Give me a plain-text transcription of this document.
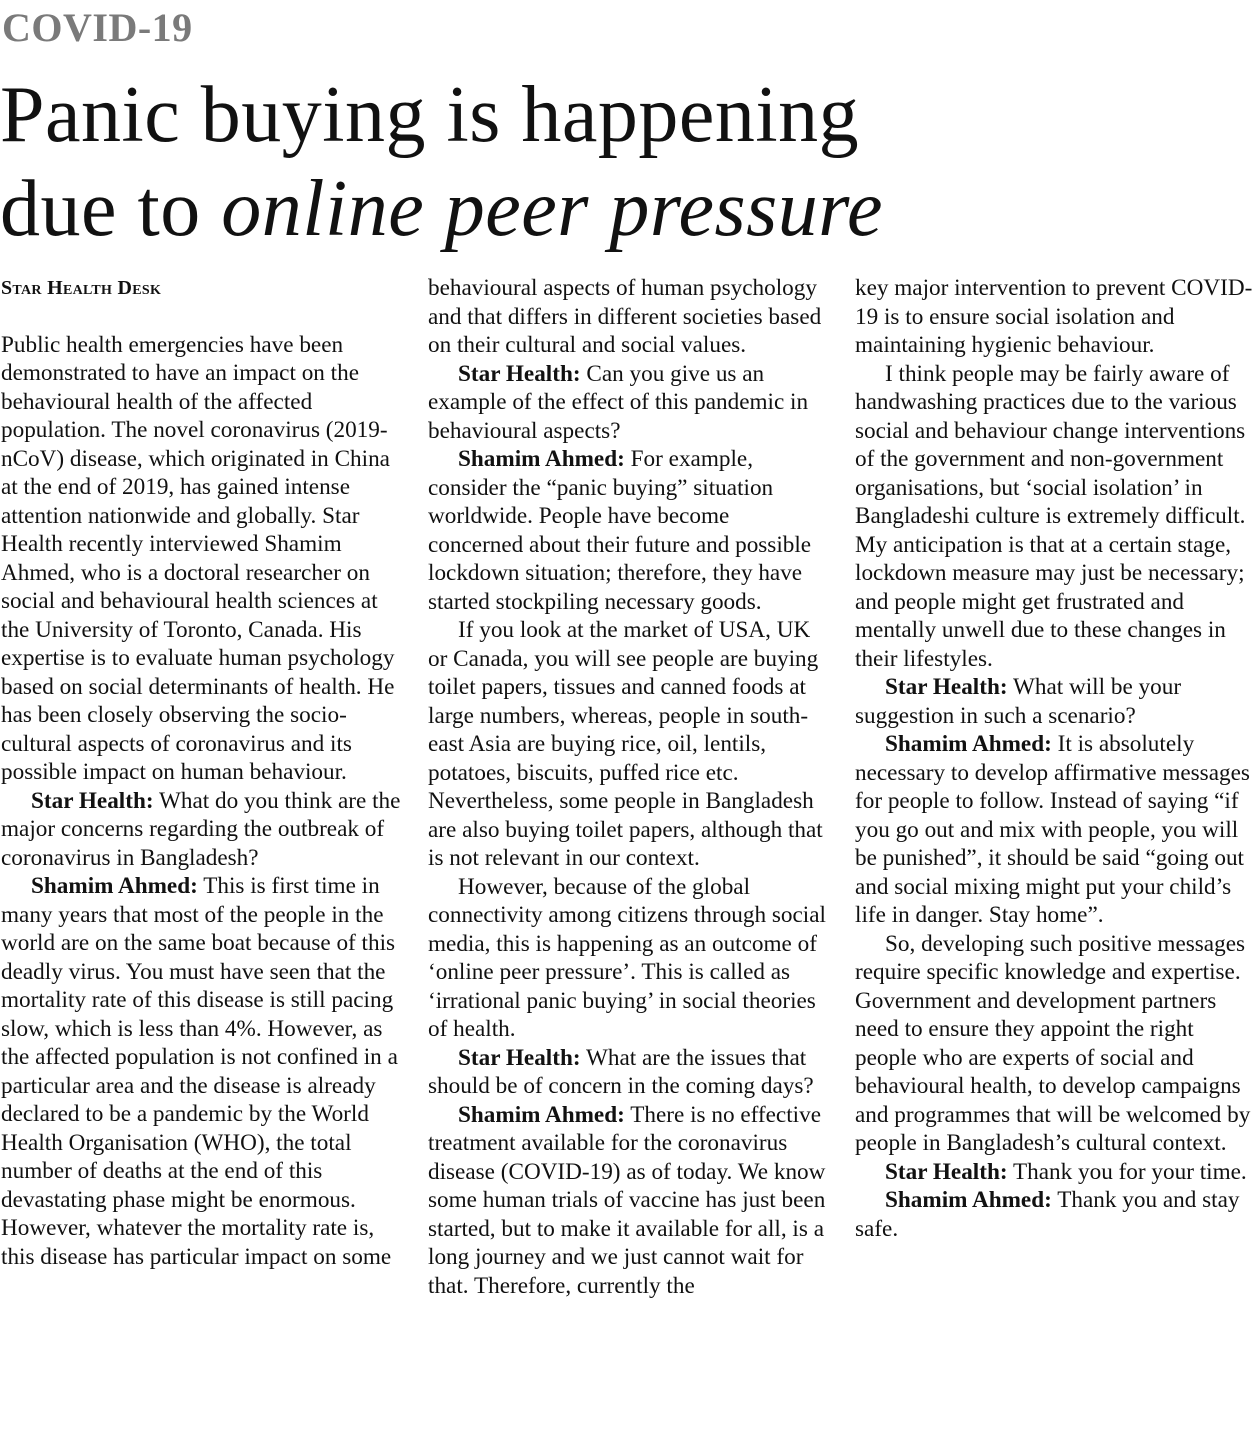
COVID-19
Panic buying is happening
due to online peer pressure
Star Health Desk

Public health emergencies have been demonstrated to have an impact on the behavioural health of the affected population. The novel coronavirus (2019-nCoV) disease, which originated in China at the end of 2019, has gained intense attention nationwide and globally. Star Health recently interviewed Shamim Ahmed, who is a doctoral researcher on social and behavioural health sciences at the University of Toronto, Canada. His expertise is to evaluate human psychology based on social determinants of health. He has been closely observing the socio-cultural aspects of coronavirus and its possible impact on human behaviour.

Star Health: What do you think are the major concerns regarding the outbreak of coronavirus in Bangladesh?

Shamim Ahmed: This is first time in many years that most of the people in the world are on the same boat because of this deadly virus. You must have seen that the mortality rate of this disease is still pacing slow, which is less than 4%. However, as the affected population is not confined in a particular area and the disease is already declared to be a pandemic by the World Health Organisation (WHO), the total number of deaths at the end of this devastating phase might be enormous. However, whatever the mortality rate is, this disease has particular impact on some

behavioural aspects of human psychology and that differs in different societies based on their cultural and social values.

Star Health: Can you give us an example of the effect of this pandemic in behavioural aspects?

Shamim Ahmed: For example, consider the “panic buying” situation worldwide. People have become concerned about their future and possible lockdown situation; therefore, they have started stockpiling necessary goods.

If you look at the market of USA, UK or Canada, you will see people are buying toilet papers, tissues and canned foods at large numbers, whereas, people in south-east Asia are buying rice, oil, lentils, potatoes, biscuits, puffed rice etc. Nevertheless, some people in Bangladesh are also buying toilet papers, although that is not relevant in our context.

However, because of the global connectivity among citizens through social media, this is happening as an outcome of ‘online peer pressure’. This is called as ‘irrational panic buying’ in social theories of health.

Star Health: What are the issues that should be of concern in the coming days?

Shamim Ahmed: There is no effective treatment available for the coronavirus disease (COVID-19) as of today. We know some human trials of vaccine has just been started, but to make it available for all, is a long journey and we just cannot wait for that. Therefore, currently the

key major intervention to prevent COVID-19 is to ensure social isolation and maintaining hygienic behaviour.

I think people may be fairly aware of handwashing practices due to the various social and behaviour change interventions of the government and non-government organisations, but ‘social isolation’ in Bangladeshi culture is extremely difficult. My anticipation is that at a certain stage, lockdown measure may just be necessary; and people might get frustrated and mentally unwell due to these changes in their lifestyles.

Star Health: What will be your suggestion in such a scenario?

Shamim Ahmed: It is absolutely necessary to develop affirmative messages for people to follow. Instead of saying “if you go out and mix with people, you will be punished”, it should be said “going out and social mixing might put your child’s life in danger. Stay home”.

So, developing such positive messages require specific knowledge and expertise. Government and development partners need to ensure they appoint the right people who are experts of social and behavioural health, to develop campaigns and programmes that will be welcomed by people in Bangladesh’s cultural context.

Star Health: Thank you for your time.

Shamim Ahmed: Thank you and stay safe.
